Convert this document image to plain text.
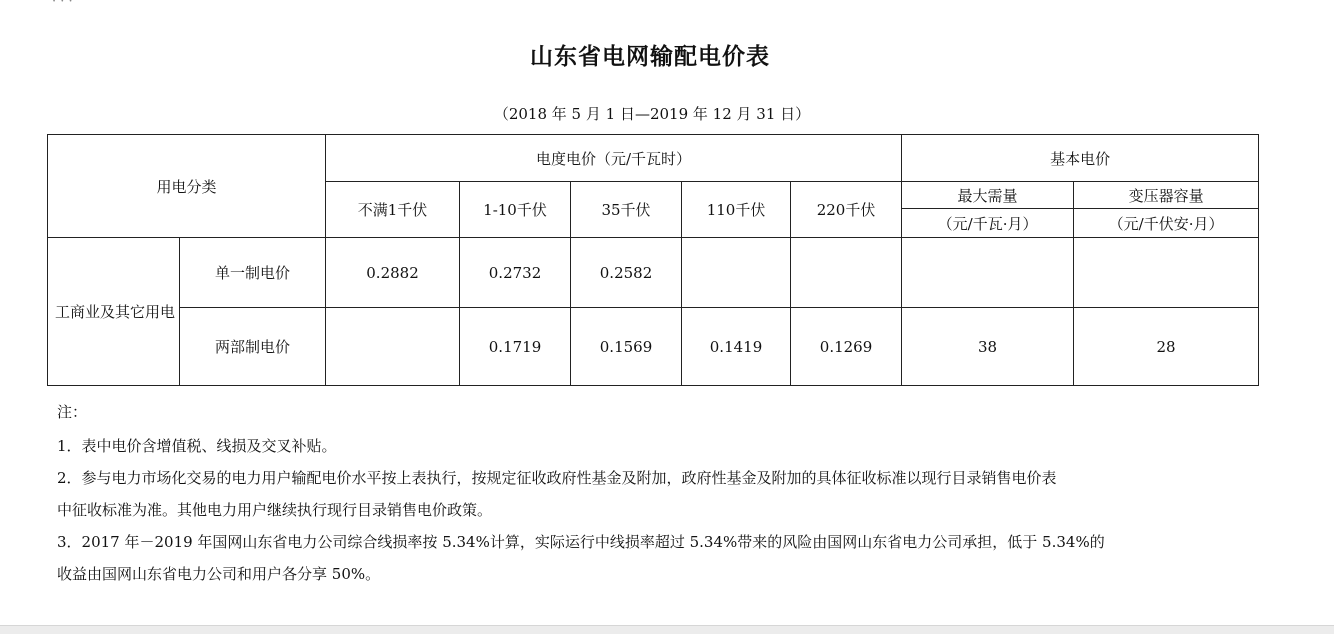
· · ·
山东省电网输配电价表
（2018 年 5 月 1 日—2019 年 12 月 31 日）
用电分类		电度电价（元/千瓦时）					基本电价	
		不满1千伏	1-10千伏	35千伏	110千伏	220千伏	最大需量	变压器容量
							（元/千瓦·月）	（元/千伏安·月）
工商业及其它用电	单一制电价	0.2882	0.2732	0.2582				
	两部制电价		0.1719	0.1569	0.1419	0.1269	38	28

注：

1．表中电价含增值税、线损及交叉补贴。

2．参与电力市场化交易的电力用户输配电价水平按上表执行，按规定征收政府性基金及附加，政府性基金及附加的具体征收标准以现行目录销售电价表

中征收标准为准。其他电力用户继续执行现行目录销售电价政策。

3．2017 年－2019 年国网山东省电力公司综合线损率按 5.34%计算，实际运行中线损率超过 5.34%带来的风险由国网山东省电力公司承担，低于 5.34%的

收益由国网山东省电力公司和用户各分享 50%。
